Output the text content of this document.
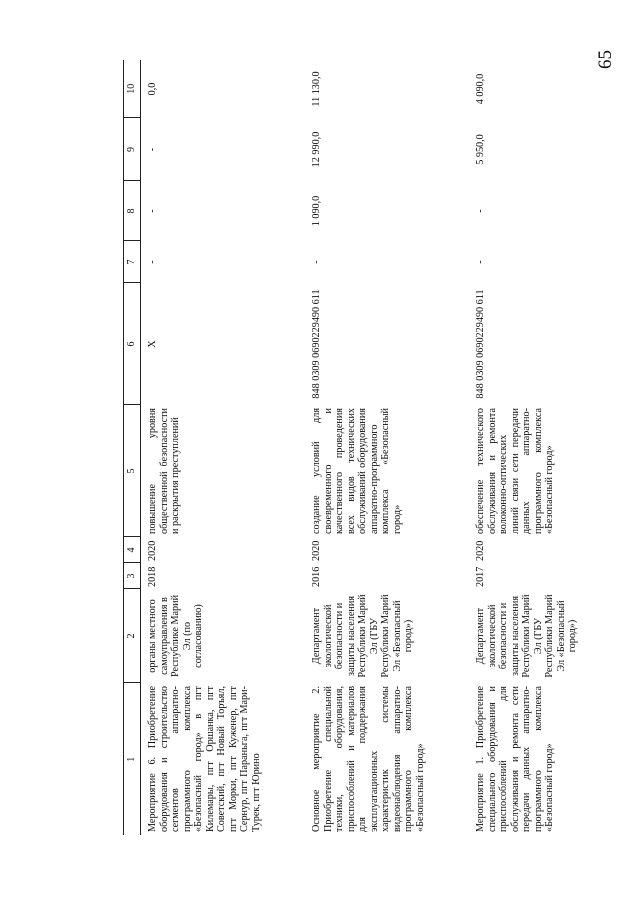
65
1	2	3	4	5	6	7	8	9	10
Мероприятие 6. Приобретение оборудования и строительство сегментов аппаратно-программного комплекса «Безопасный город» в пгт Килемары, пгт Оршанка, пгт Советский, пгт Новый Торъял, пгт Морки, пгт Куженер, пгт Сернур, пгт Параньга, пгт Мари-Турек, пгт Юрино	органы местного самоуправления в Республике Марий Эл (по согласованию)	2018	2020	повышение уровня общественной безопасности и раскрытия преступлений	X	-	-	-	0,0
Основное мероприятие 2. Приобретение специальной техники, оборудования, приспособлений и материалов для поддержания эксплуатационных характеристик системы видеонаблюдения аппаратно-программного комплекса «Безопасный город»	Департамент экологической безопасности и защиты населения Республики Марий Эл (ГБУ Республики Марий Эл «Безопасный город»)	2016	2020	создание условий для своевременного и качественного проведения всех видов технических обслуживаний оборудования аппаратно-программного комплекса «Безопасный город»	848 0309 0690229490 611	-	1 090,0	12 990,0	11 130,0
Мероприятие 1. Приобретение специального оборудования и приспособлений для обслуживания и ремонта сети передачи данных аппаратно-программного комплекса «Безопасный город»	Департамент экологической безопасности и защиты населения Республики Марий Эл (ГБУ Республики Марий Эл «Безопасный город»)	2017	2020	обеспечение технического обслуживания и ремонта волоконно-оптических линий связи сети передачи данных аппаратно-программного комплекса «Безопасный город»	848 0309 0690229490 611	-	-	5 950,0	4 090,0
